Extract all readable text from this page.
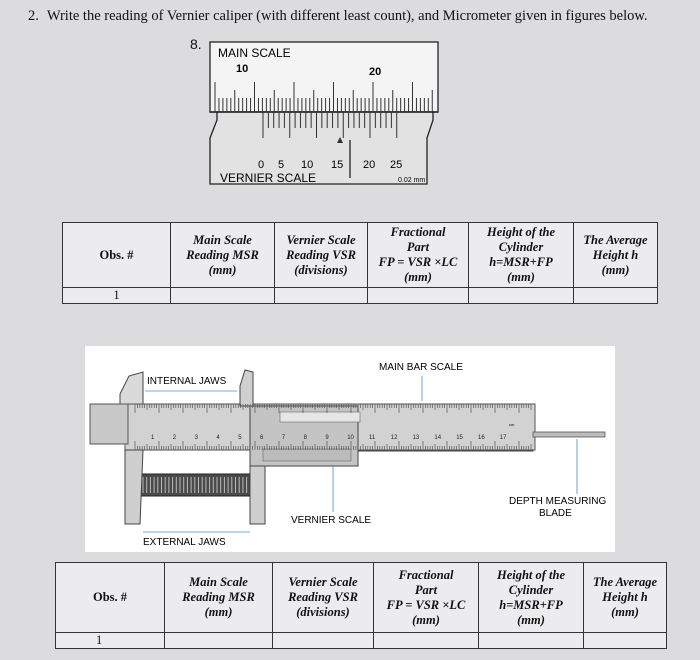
2. Write the reading of Vernier caliper (with different least count), and Micrometer given in figures below.
8.
MAIN SCALE
10	20
0 5 10 15 20 25
VERNIER SCALE	0.02 mm
Obs. #	Main Scale
Reading MSR
(mm)	Vernier Scale
Reading VSR
(divisions)	Fractional
Part
FP = VSR ×LC
(mm)	Height of the
Cylinder
h=MSR+FP
(mm)	The Average
Height h
(mm)
1					
1	2	3	4	5	6	7	8	9	10	11	12	13	14	15	16	17
INTERNAL JAWS
MAIN BAR SCALE
VERNIER SCALE
DEPTH MEASURING
BLADE
EXTERNAL JAWS
cm
Obs. #	Main Scale
Reading MSR
(mm)	Vernier Scale
Reading VSR
(divisions)	Fractional
Part
FP = VSR ×LC
(mm)	Height of the
Cylinder
h=MSR+FP
(mm)	The Average
Height h
(mm)
1					
